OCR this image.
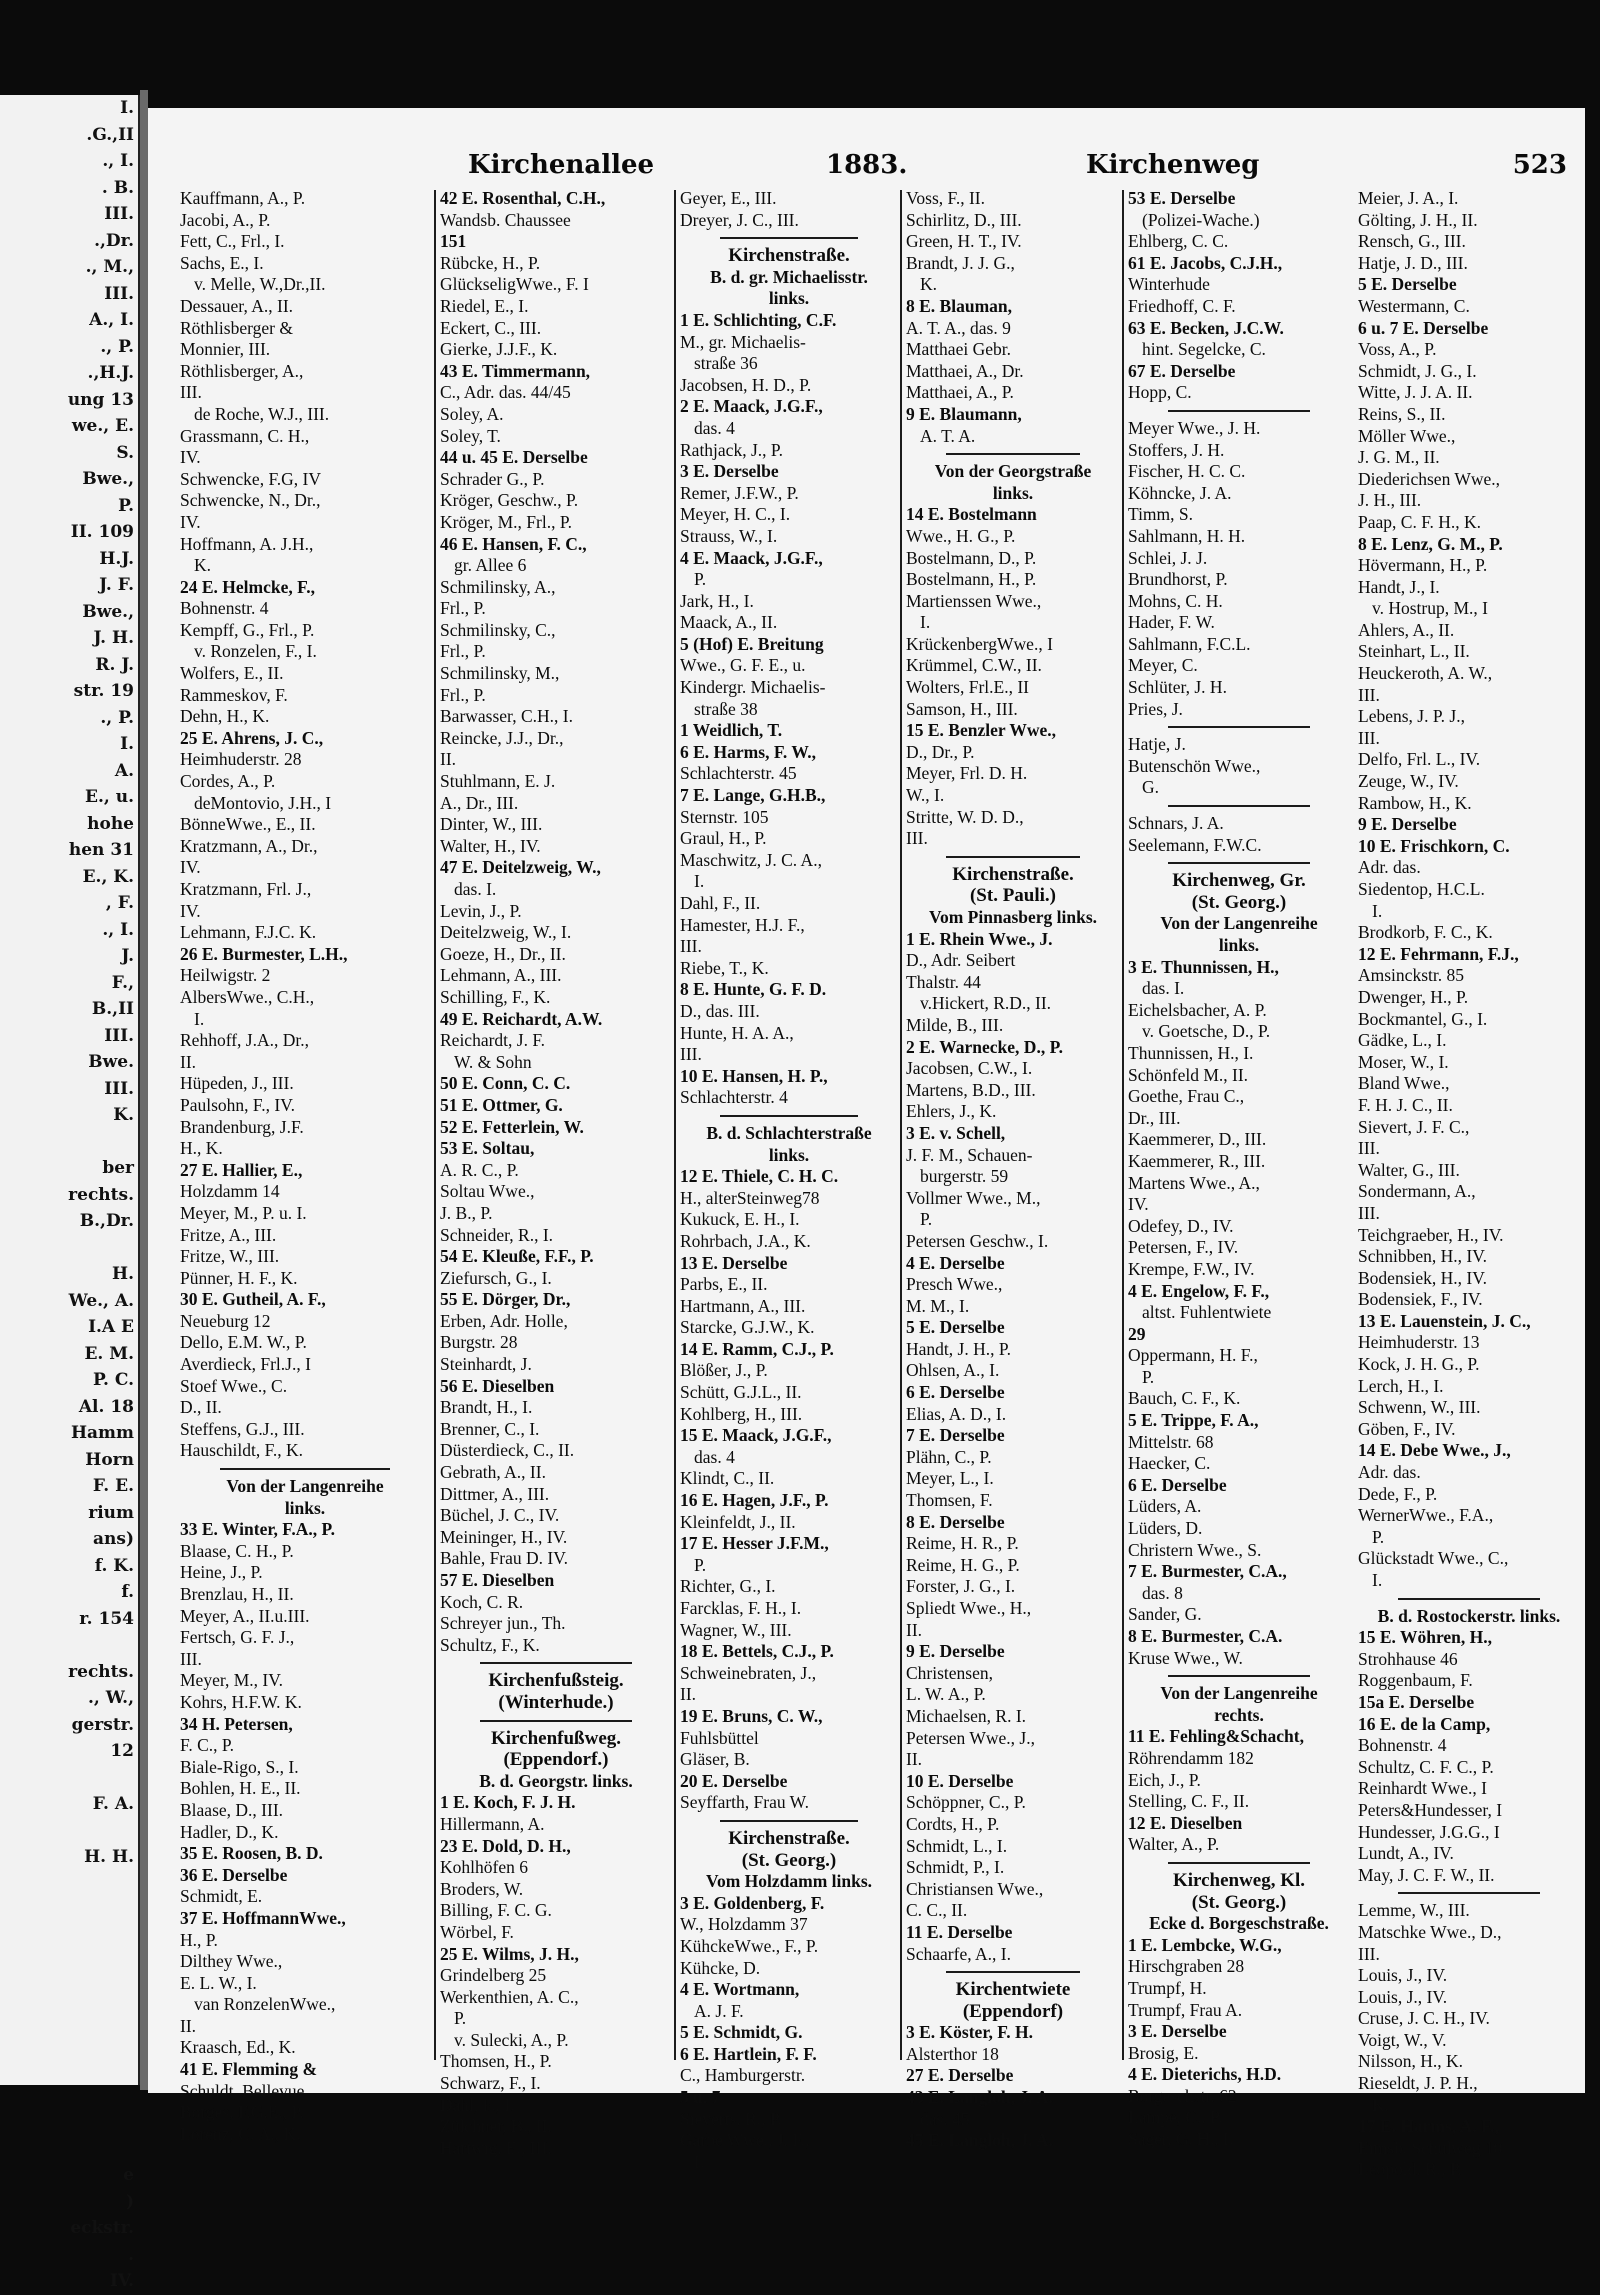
I.
.G.,II
., I.
. B.
III.
.,Dr.
., M.,
III.
A., I.
., P.
.,H.J.
ung 13
we., E.
S.
Bwe.,
P.
II. 109
H.J.
J. F.
Bwe.,
J. H.
R. J.
str. 19
., P.
I.
A.
E., u.
hohe
hen 31
E., K.
, F.
., I.
J.
F.,
B.,II
III.
Bwe.
III.
K.

ber
rechts.
B.,Dr.

H.
We., A.
I.A E
E. M.
P. C.
Al. 18
Hamm
Horn
F. E.
rium
ans)
f. K.
f.
r. 154

rechts.
., W.,
gerstr.
12

F. A.

H. H.

e
)
eckstr.
.
IV.
Kirchenallee	1883.	Kirchenweg	523
Kauffmann, A., P.
Jacobi, A., P.
Fett, C., Frl., I.
Sachs, E., I.
v. Melle, W.,Dr.,II.
Dessauer, A., II.
Röthlisberger &
Monnier, III.
Röthlisberger, A.,
III.
de Roche, W.J., III.
Grassmann, C. H.,
IV.
Schwencke, F.G, IV
Schwencke, N., Dr.,
IV.
Hoffmann, A. J.H.,
K.
24 E. Helmcke, F.,
Bohnenstr. 4
Kempff, G., Frl., P.
v. Ronzelen, F., I.
Wolfers, E., II.
Rammeskov, F.
Dehn, H., K.
25 E. Ahrens, J. C.,
Heimhuderstr. 28
Cordes, A., P.
deMontovio, J.H., I
BönneWwe., E., II.
Kratzmann, A., Dr.,
IV.
Kratzmann, Frl. J.,
IV.
Lehmann, F.J.C. K.
26 E. Burmester, L.H.,
Heilwigstr. 2
AlbersWwe., C.H.,
I.
Rehhoff, J.A., Dr.,
II.
Hüpeden, J., III.
Paulsohn, F., IV.
Brandenburg, J.F.
H., K.
27 E. Hallier, E.,
Holzdamm 14
Meyer, M., P. u. I.
Fritze, A., III.
Fritze, W., III.
Pünner, H. F., K.
30 E. Gutheil, A. F.,
Neueburg 12
Dello, E.M. W., P.
Averdieck, Frl.J., I
Stoef Wwe., C.
D., II.
Steffens, G.J., III.
Hauschildt, F., K.
Von der Langenreihe
links.
33 E. Winter, F.A., P.
Blaase, C. H., P.
Heine, J., P.
Brenzlau, H., II.
Meyer, A., II.u.III.
Fertsch, G. F. J.,
III.
Meyer, M., IV.
Kohrs, H.F.W. K.
34 H. Petersen,
F. C., P.
Biale-Rigo, S., I.
Bohlen, H. E., II.
Blaase, D., III.
Hadler, D., K.
35 E. Roosen, B. D.
36 E. Derselbe
Schmidt, E.
37 E. HoffmannWwe.,
H., P.
Dilthey Wwe.,
E. L. W., I.
van RonzelenWwe.,
II.
Kraasch, Ed., K.
41 E. Flemming &
Schuldt, Bellevue
Borges, F.G.E., P.
Lorenz, C. A., K.
42 E. Rosenthal, C.H.,
Wandsb. Chaussee
151
Rübcke, H., P.
GlückseligWwe., F. I
Riedel, E., I.
Eckert, C., III.
Gierke, J.J.F., K.
43 E. Timmermann,
C., Adr. das. 44/45
Soley, A.
Soley, T.
44 u. 45 E. Derselbe
Schrader G., P.
Kröger, Geschw., P.
Kröger, M., Frl., P.
46 E. Hansen, F. C.,
gr. Allee 6
Schmilinsky, A.,
Frl., P.
Schmilinsky, C.,
Frl., P.
Schmilinsky, M.,
Frl., P.
Barwasser, C.H., I.
Reincke, J.J., Dr.,
II.
Stuhlmann, E. J.
A., Dr., III.
Dinter, W., III.
Walter, H., IV.
47 E. Deitelzweig, W.,
das. I.
Levin, J., P.
Deitelzweig, W., I.
Goeze, H., Dr., II.
Lehmann, A., III.
Schilling, F., K.
49 E. Reichardt, A.W.
Reichardt, J. F.
W. & Sohn
50 E. Conn, C. C.
51 E. Ottmer, G.
52 E. Fetterlein, W.
53 E. Soltau,
A. R. C., P.
Soltau Wwe.,
J. B., P.
Schneider, R., I.
54 E. Kleuße, F.F., P.
Ziefursch, G., I.
55 E. Dörger, Dr.,
Erben, Adr. Holle,
Burgstr. 28
Steinhardt, J.
56 E. Dieselben
Brandt, H., I.
Brenner, C., I.
Düsterdieck, C., II.
Gebrath, A., II.
Dittmer, A., III.
Büchel, J. C., IV.
Meininger, H., IV.
Bahle, Frau D. IV.
57 E. Dieselben
Koch, C. R.
Schreyer jun., Th.
Schultz, F., K.
Kirchenfußsteig.
(Winterhude.)
Kirchenfußweg.
(Eppendorf.)
B. d. Georgstr. links.
1 E. Koch, F. J. H.
Hillermann, A.
23 E. Dold, D. H.,
Kohlhöfen 6
Broders, W.
Billing, F. C. G.
Wörbel, F.
25 E. Wilms, J. H.,
Grindelberg 25
Werkenthien, A. C.,
P.
v. Sulecki, A., P.
Thomsen, H., P.
Schwarz, F., I.
Dahl, F., I.
Zülchner, B., II.
Hartwig, E., III.
Geyer, E., III.
Dreyer, J. C., III.
Kirchenstraße.
B. d. gr. Michaelisstr.
links.
1 E. Schlichting, C.F.
M., gr. Michaelis-
straße 36
Jacobsen, H. D., P.
2 E. Maack, J.G.F.,
das. 4
Rathjack, J., P.
3 E. Derselbe
Remer, J.F.W., P.
Meyer, H. C., I.
Strauss, W., I.
4 E. Maack, J.G.F.,
P.
Jark, H., I.
Maack, A., II.
5 (Hof) E. Breitung
Wwe., G. F. E., u.
Kindergr. Michaelis-
straße 38
1 Weidlich, T.
6 E. Harms, F. W.,
Schlachterstr. 45
7 E. Lange, G.H.B.,
Sternstr. 105
Graul, H., P.
Maschwitz, J. C. A.,
I.
Dahl, F., II.
Hamester, H.J. F.,
III.
Riebe, T., K.
8 E. Hunte, G. F. D.
D., das. III.
Hunte, H. A. A.,
III.
10 E. Hansen, H. P.,
Schlachterstr. 4
B. d. Schlachterstraße
links.
12 E. Thiele, C. H. C.
H., alterSteinweg78
Kukuck, E. H., I.
Rohrbach, J.A., K.
13 E. Derselbe
Parbs, E., II.
Hartmann, A., III.
Starcke, G.J.W., K.
14 E. Ramm, C.J., P.
Blößer, J., P.
Schütt, G.J.L., II.
Kohlberg, H., III.
15 E. Maack, J.G.F.,
das. 4
Klindt, C., II.
16 E. Hagen, J.F., P.
Kleinfeldt, J., II.
17 E. Hesser J.F.M.,
P.
Richter, G., I.
Farcklas, F. H., I.
Wagner, W., III.
18 E. Bettels, C.J., P.
Schweinebraten, J.,
II.
19 E. Bruns, C. W.,
Fuhlsbüttel
Gläser, B.
20 E. Derselbe
Seyffarth, Frau W.
Kirchenstraße.
(St. Georg.)
Vom Holzdamm links.
3 E. Goldenberg, F.
W., Holzdamm 37
KühckeWwe., F., P.
Kühcke, D.
4 E. Wortmann,
A. J. F.
5 E. Schmidt, G.
6 E. Hartlein, F. F.
C., Hamburgerstr.
5 u. 7
Sieverts, R., P.
Garbe Wwe., J. F.,
I.
Voss, F., II.
Schirlitz, D., III.
Green, H. T., IV.
Brandt, J. J. G.,
K.
8 E. Blauman,
A. T. A., das. 9
Matthaei Gebr.
Matthaei, A., Dr.
Matthaei, A., P.
9 E. Blaumann,
A. T. A.
Von der Georgstraße
links.
14 E. Bostelmann
Wwe., H. G., P.
Bostelmann, D., P.
Bostelmann, H., P.
Martienssen Wwe.,
I.
KrückenbergWwe., I
Krümmel, C.W., II.
Wolters, Frl.E., II
Samson, H., III.
15 E. Benzler Wwe.,
D., Dr., P.
Meyer, Frl. D. H.
W., I.
Stritte, W. D. D.,
III.
Kirchenstraße.
(St. Pauli.)
Vom Pinnasberg links.
1 E. Rhein Wwe., J.
D., Adr. Seibert
Thalstr. 44
v.Hickert, R.D., II.
Milde, B., III.
2 E. Warnecke, D., P.
Jacobsen, C.W., I.
Martens, B.D., III.
Ehlers, J., K.
3 E. v. Schell,
J. F. M., Schauen-
burgerstr. 59
Vollmer Wwe., M.,
P.
Petersen Geschw., I.
4 E. Derselbe
Presch Wwe.,
M. M., I.
5 E. Derselbe
Handt, J. H., P.
Ohlsen, A., I.
6 E. Derselbe
Elias, A. D., I.
7 E. Derselbe
Plähn, C., P.
Meyer, L., I.
Thomsen, F.
8 E. Derselbe
Reime, H. R., P.
Reime, H. G., P.
Forster, J. G., I.
Spliedt Wwe., H.,
II.
9 E. Derselbe
Christensen,
L. W. A., P.
Michaelsen, R. I.
Petersen Wwe., J.,
II.
10 E. Derselbe
Schöppner, C., P.
Cordts, H., P.
Schmidt, L., I.
Schmidt, P., I.
Christiansen Wwe.,
C. C., II.
11 E. Derselbe
Schaarfe, A., I.
Kirchentwiete
(Eppendorf)
3 E. Köster, F. H.
Alsterthor 18
27 E. Derselbe
43 E. Langloh, J. A.
das. 45
45 E. Langloh, J. A.
Meier, J. A., I.
Gölting, J. H., II.
Rensch, G., III.
Hatje, J. D., III.
5 E. Derselbe
Westermann, C.
6 u. 7 E. Derselbe
Voss, A., P.
Schmidt, J. G., I.
Witte, J. J. A. II.
Reins, S., II.
Möller Wwe.,
J. G. M., II.
Diederichsen Wwe.,
J. H., III.
Paap, C. F. H., K.
8 E. Lenz, G. M., P.
Hövermann, H., P.
Handt, J., I.
v. Hostrup, M., I
Ahlers, A., II.
Steinhart, L., II.
Heuckeroth, A. W.,
III.
Lebens, J. P. J.,
III.
Delfo, Frl. L., IV.
Zeuge, W., IV.
Rambow, H., K.
9 E. Derselbe
10 E. Frischkorn, C.
Adr. das.
Siedentop, H.C.L.
I.
Brodkorb, F. C., K.
12 E. Fehrmann, F.J.,
Amsinckstr. 85
Dwenger, H., P.
Bockmantel, G., I.
Gädke, L., I.
Moser, W., I.
Bland Wwe.,
F. H. J. C., II.
Sievert, J. F. C.,
III.
Walter, G., III.
Sondermann, A.,
III.
Teichgraeber, H., IV.
Schnibben, H., IV.
Bodensiek, H., IV.
Bodensiek, F., IV.
13 E. Lauenstein, J. C.,
Heimhuderstr. 13
Kock, J. H. G., P.
Lerch, H., I.
Schwenn, W., III.
Göben, F., IV.
14 E. Debe Wwe., J.,
Adr. das.
Dede, F., P.
WernerWwe., F.A.,
P.
Glückstadt Wwe., C.,
I.
B. d. Rostockerstr. links.
15 E. Wöhren, H.,
Strohhause 46
Roggenbaum, F.
15a E. Derselbe
16 E. de la Camp,
Bohnenstr. 4
Schultz, C. F. C., P.
Reinhardt Wwe., I
Peters&Hundesser, I
Hundesser, J.G.G., I
Lundt, A., IV.
May, J. C. F. W., II.
Lemme, W., III.
Matschke Wwe., D.,
III.
Louis, J., IV.
Louis, J., IV.
Cruse, J. C. H., IV.
Voigt, W., V.
Nilsson, H., K.
Rieseldt, J. P. H.,
K.
17 E. Harms, A. F.,
Eimsb. Schulweg 10
Leopold, R., P.
53 E. Derselbe
(Polizei-Wache.)
Ehlberg, C. C.
61 E. Jacobs, C.J.H.,
Winterhude
Friedhoff, C. F.
63 E. Becken, J.C.W.
hint. Segelcke, C.
67 E. Derselbe
Hopp, C.
Meyer Wwe., J. H.
Stoffers, J. H.
Fischer, H. C. C.
Köhncke, J. A.
Timm, S.
Sahlmann, H. H.
Schlei, J. J.
Brundhorst, P.
Mohns, C. H.
Hader, F. W.
Sahlmann, F.C.L.
Meyer, C.
Schlüter, J. H.
Pries, J.
Hatje, J.
Butenschön Wwe.,
G.
Schnars, J. A.
Seelemann, F.W.C.
Kirchenweg, Gr.
(St. Georg.)
Von der Langenreihe
links.
3 E. Thunnissen, H.,
das. I.
Eichelsbacher, A. P.
v. Goetsche, D., P.
Thunnissen, H., I.
Schönfeld M., II.
Goethe, Frau C.,
Dr., III.
Kaemmerer, D., III.
Kaemmerer, R., III.
Martens Wwe., A.,
IV.
Odefey, D., IV.
Petersen, F., IV.
Krempe, F.W., IV.
4 E. Engelow, F. F.,
altst. Fuhlentwiete
29
Oppermann, H. F.,
P.
Bauch, C. F., K.
5 E. Trippe, F. A.,
Mittelstr. 68
Haecker, C.
6 E. Derselbe
Lüders, A.
Lüders, D.
Christern Wwe., S.
7 E. Burmester, C.A.,
das. 8
Sander, G.
8 E. Burmester, C.A.
Kruse Wwe., W.
Von der Langenreihe
rechts.
11 E. Fehling&Schacht,
Röhrendamm 182
Eich, J., P.
Stelling, C. F., II.
12 E. Dieselben
Walter, A., P.
Kirchenweg, Kl.
(St. Georg.)
Ecke d. Borgeschstraße.
1 E. Lembcke, W.G.,
Hirschgraben 28
Trumpf, H.
Trumpf, Frau A.
3 E. Derselbe
Brosig, E.
4 E. Dieterichs, H.D.
Borgeschstr. 62
Lampe, C., P.
Sager, G. H., I.
